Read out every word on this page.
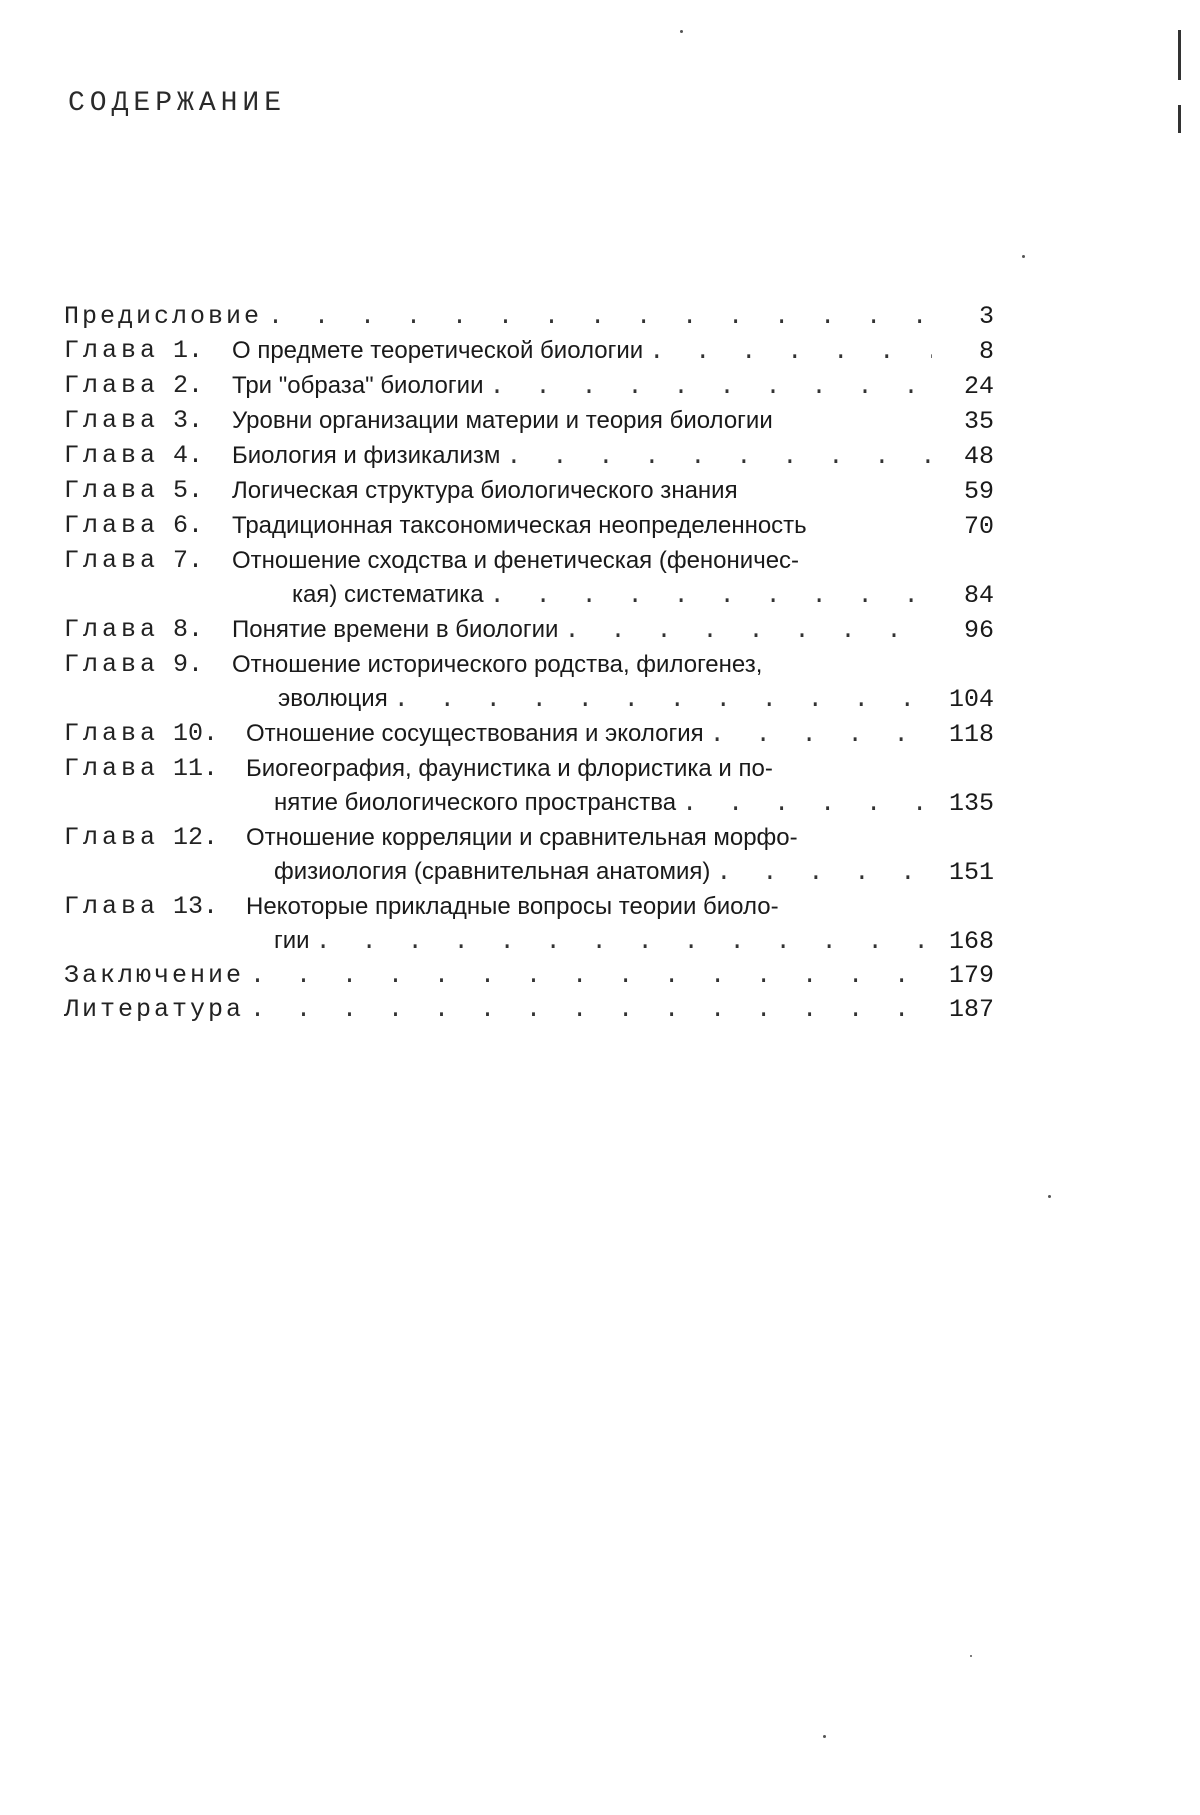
СОДЕРЖАНИЕ
Предисловие . . .	3
Глава 1. О предмете теоретической биологии . . .	8
Глава 2. Три "образа" биологии . . .	24
Глава 3. Уровни организации материи и теория биологии	35
Глава 4. Биология и физикализм . . .	48
Глава 5. Логическая структура биологического знания	59
Глава 6. Традиционная таксономическая неопределенность	70
Глава 7. Отношение сходства и фенетическая (феноничес-
кая) систематика . . .	84
Глава 8. Понятие времени в биологии . . .	96
Глава 9. Отношение исторического родства, филогенез,
эволюция . . .	104
Глава 10. Отношение сосуществования и экология . . .	118
Глава 11. Биогеография, фаунистика и флористика и по-
нятие биологического пространства . . .	135
Глава 12. Отношение корреляции и сравнительная морфо-
физиология (сравнительная анатомия) . . .	151
Глава 13. Некоторые прикладные вопросы теории биоло-
гии . . .	168
Заключение . . .	179
Литература . . .	187
